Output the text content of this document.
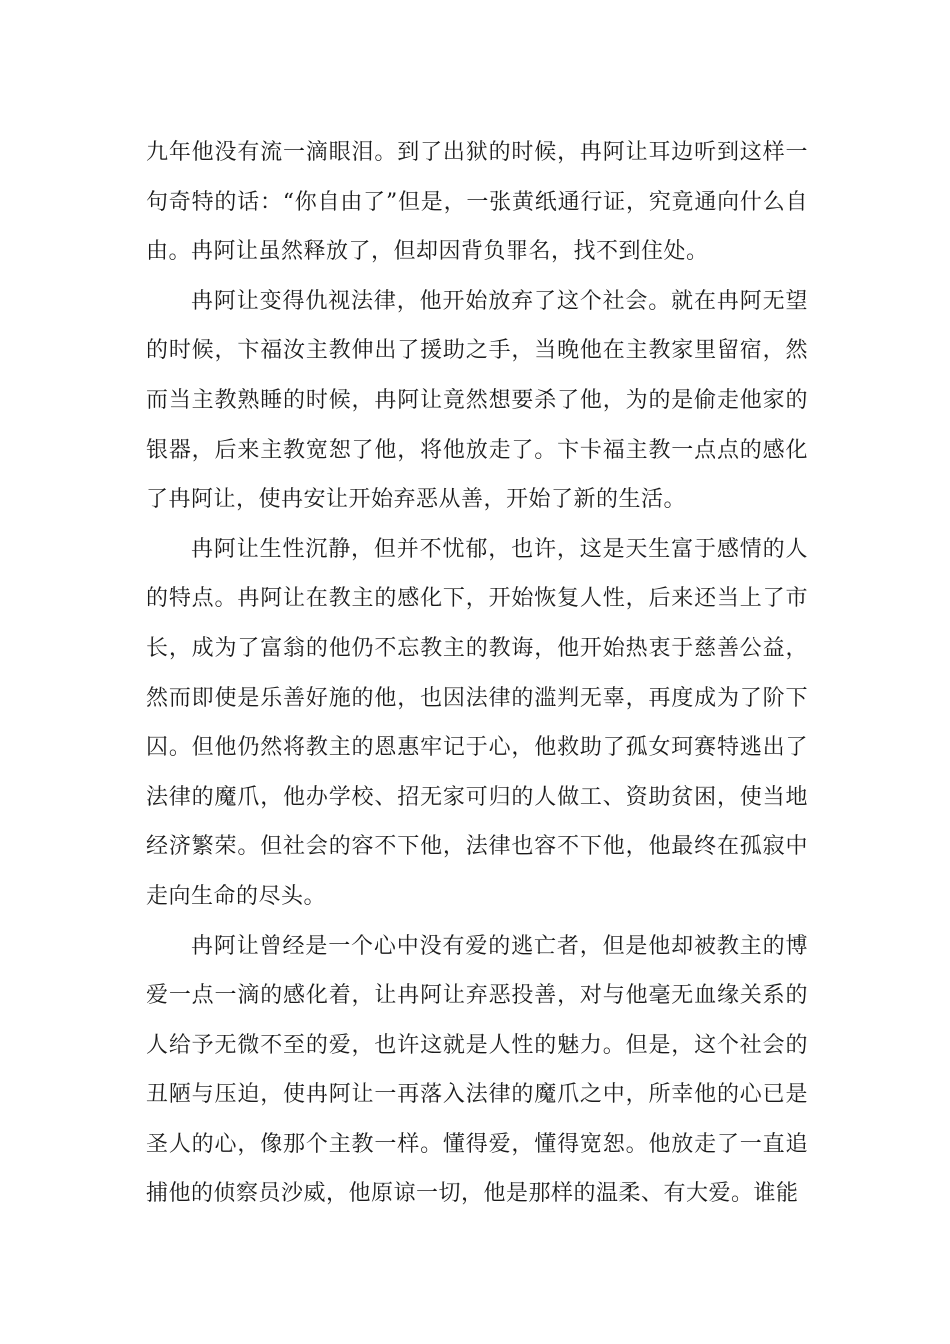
九年他没有流一滴眼泪。到了出狱的时候，冉阿让耳边听到这样一句奇特的话：“你自由了”但是，一张黄纸通行证，究竟通向什么自由。冉阿让虽然释放了，但却因背负罪名，找不到住处。

冉阿让变得仇视法律，他开始放弃了这个社会。就在冉阿无望的时候，卞福汝主教伸出了援助之手，当晚他在主教家里留宿，然而当主教熟睡的时候，冉阿让竟然想要杀了他，为的是偷走他家的银器，后来主教宽恕了他，将他放走了。卞卡福主教一点点的感化了冉阿让，使冉安让开始弃恶从善，开始了新的生活。

冉阿让生性沉静，但并不忧郁，也许，这是天生富于感情的人的特点。冉阿让在教主的感化下，开始恢复人性，后来还当上了市长，成为了富翁的他仍不忘教主的教诲，他开始热衷于慈善公益，然而即使是乐善好施的他，也因法律的滥判无辜，再度成为了阶下囚。但他仍然将教主的恩惠牢记于心，他救助了孤女珂赛特逃出了法律的魔爪，他办学校、招无家可归的人做工、资助贫困，使当地经济繁荣。但社会的容不下他，法律也容不下他，他最终在孤寂中走向生命的尽头。

冉阿让曾经是一个心中没有爱的逃亡者，但是他却被教主的博爱一点一滴的感化着，让冉阿让弃恶投善，对与他毫无血缘关系的人给予无微不至的爱，也许这就是人性的魅力。但是，这个社会的丑陋与压迫，使冉阿让一再落入法律的魔爪之中，所幸他的心已是圣人的心，像那个主教一样。懂得爱，懂得宽恕。他放走了一直追捕他的侦察员沙威，他原谅一切，他是那样的温柔、有大爱。谁能
